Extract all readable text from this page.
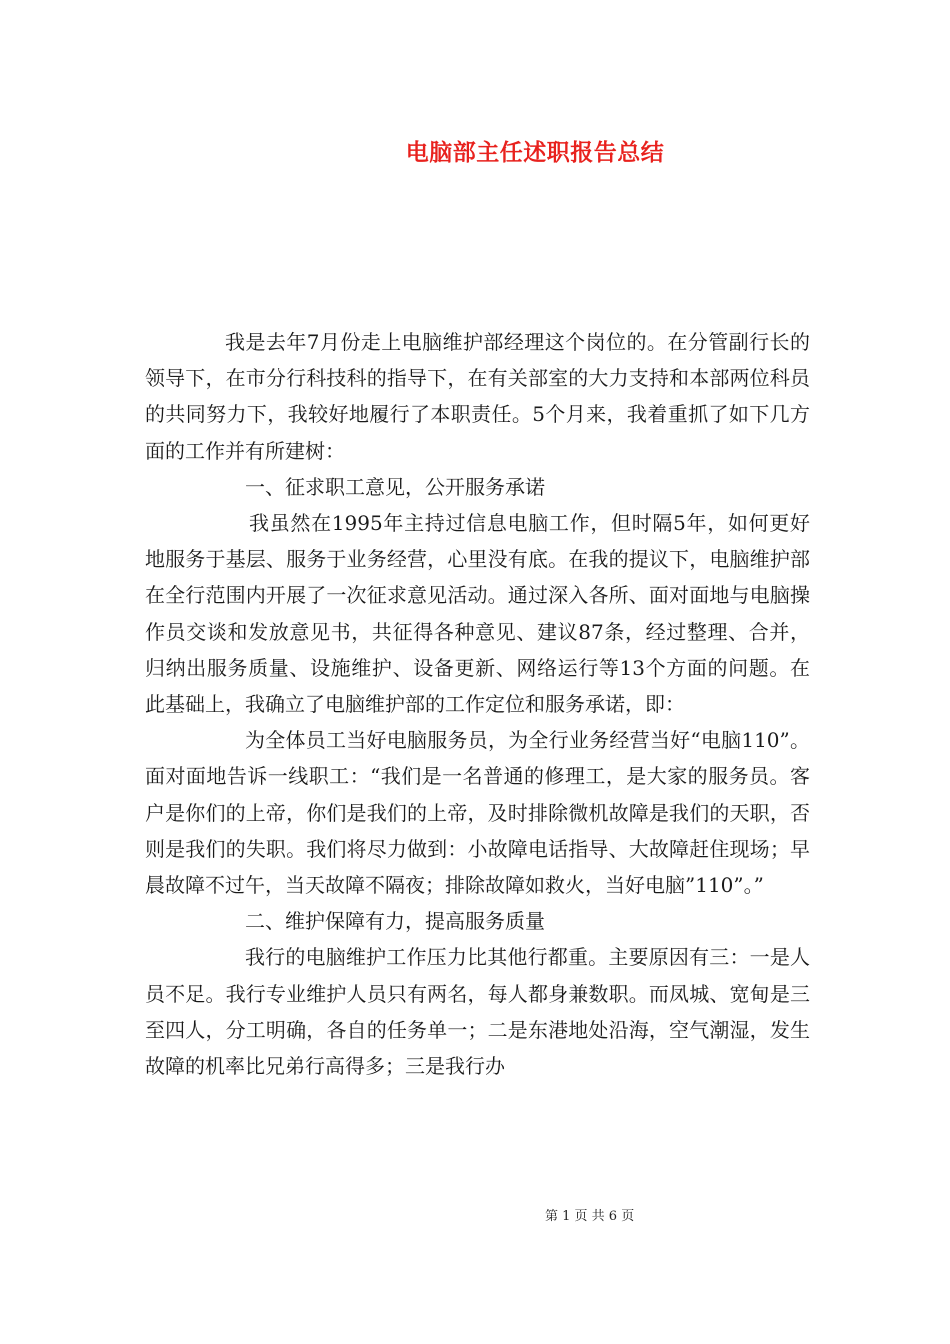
电脑部主任述职报告总结

我是去年7月份走上电脑维护部经理这个岗位的。在分管副行长的领导下，在市分行科技科的指导下，在有关部室的大力支持和本部两位科员的共同努力下，我较好地履行了本职责任。5个月来，我着重抓了如下几方面的工作并有所建树：

一、征求职工意见，公开服务承诺

我虽然在1995年主持过信息电脑工作，但时隔5年，如何更好地服务于基层、服务于业务经营，心里没有底。在我的提议下，电脑维护部在全行范围内开展了一次征求意见活动。通过深入各所、面对面地与电脑操作员交谈和发放意见书，共征得各种意见、建议87条，经过整理、合并，归纳出服务质量、设施维护、设备更新、网络运行等13个方面的问题。在此基础上，我确立了电脑维护部的工作定位和服务承诺，即：

为全体员工当好电脑服务员，为全行业务经营当好“电脑110”。面对面地告诉一线职工：“我们是一名普通的修理工，是大家的服务员。客户是你们的上帝，你们是我们的上帝，及时排除微机故障是我们的天职，否则是我们的失职。我们将尽力做到：小故障电话指导、大故障赶住现场；早晨故障不过午，当天故障不隔夜；排除故障如救火，当好电脑”110”。”

二、维护保障有力，提高服务质量

我行的电脑维护工作压力比其他行都重。主要原因有三：一是人员不足。我行专业维护人员只有两名，每人都身兼数职。而凤城、宽甸是三至四人，分工明确，各自的任务单一；二是东港地处沿海，空气潮湿，发生故障的机率比兄弟行高得多；三是我行办

第 1 页 共 6 页
